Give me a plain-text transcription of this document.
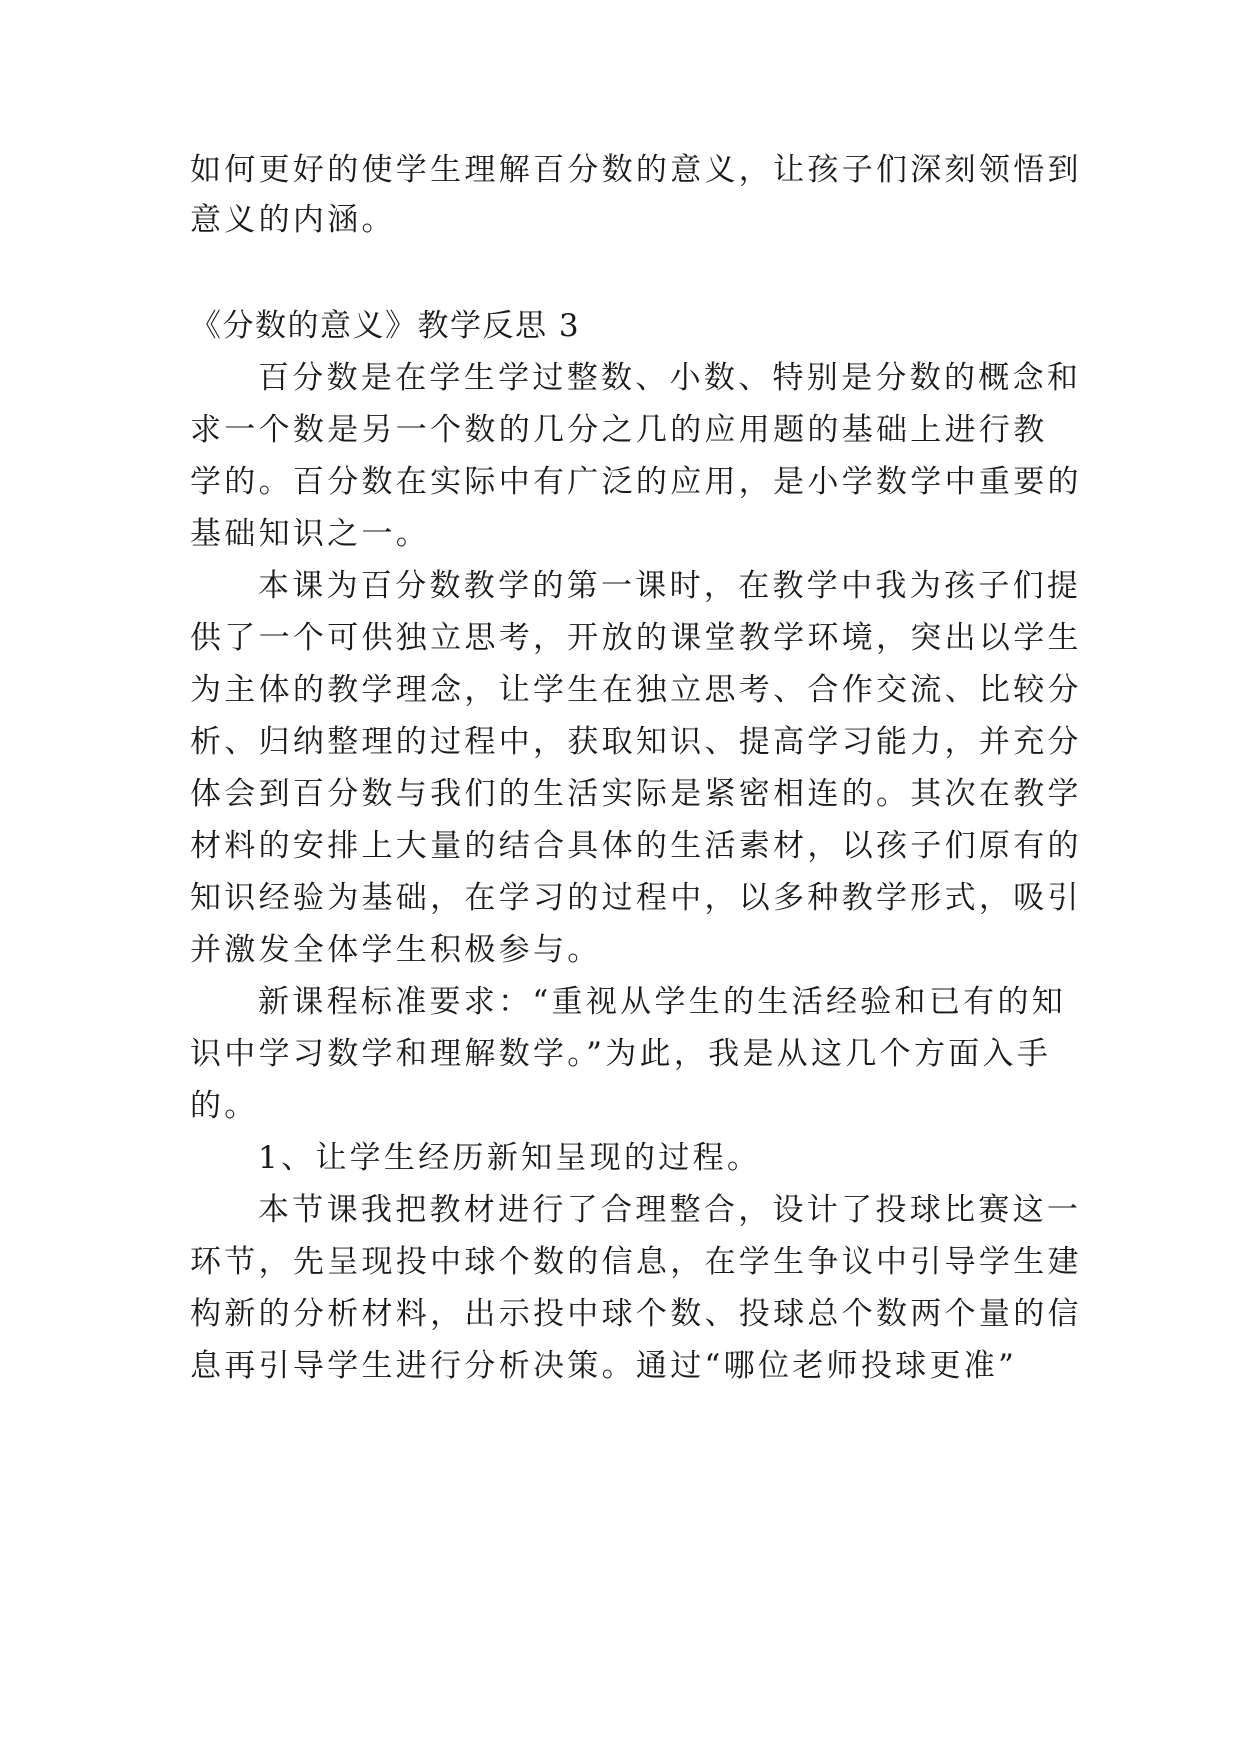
如何更好的使学生理解百分数的意义，让孩子们深刻领悟到
意义的内涵。
《分数的意义》教学反思 3
百分数是在学生学过整数、小数、特别是分数的概念和
求一个数是另一个数的几分之几的应用题的基础上进行教
学的。百分数在实际中有广泛的应用，是小学数学中重要的
基础知识之一。
本课为百分数教学的第一课时，在教学中我为孩子们提
供了一个可供独立思考，开放的课堂教学环境，突出以学生
为主体的教学理念，让学生在独立思考、合作交流、比较分
析、归纳整理的过程中，获取知识、提高学习能力，并充分
体会到百分数与我们的生活实际是紧密相连的。其次在教学
材料的安排上大量的结合具体的生活素材，以孩子们原有的
知识经验为基础，在学习的过程中，以多种教学形式，吸引
并激发全体学生积极参与。
新课程标准要求：“重视从学生的生活经验和已有的知
识中学习数学和理解数学。”为此，我是从这几个方面入手
的。
1、让学生经历新知呈现的过程。
本节课我把教材进行了合理整合，设计了投球比赛这一
环节，先呈现投中球个数的信息，在学生争议中引导学生建
构新的分析材料，出示投中球个数、投球总个数两个量的信
息再引导学生进行分析决策。通过“哪位老师投球更准”
